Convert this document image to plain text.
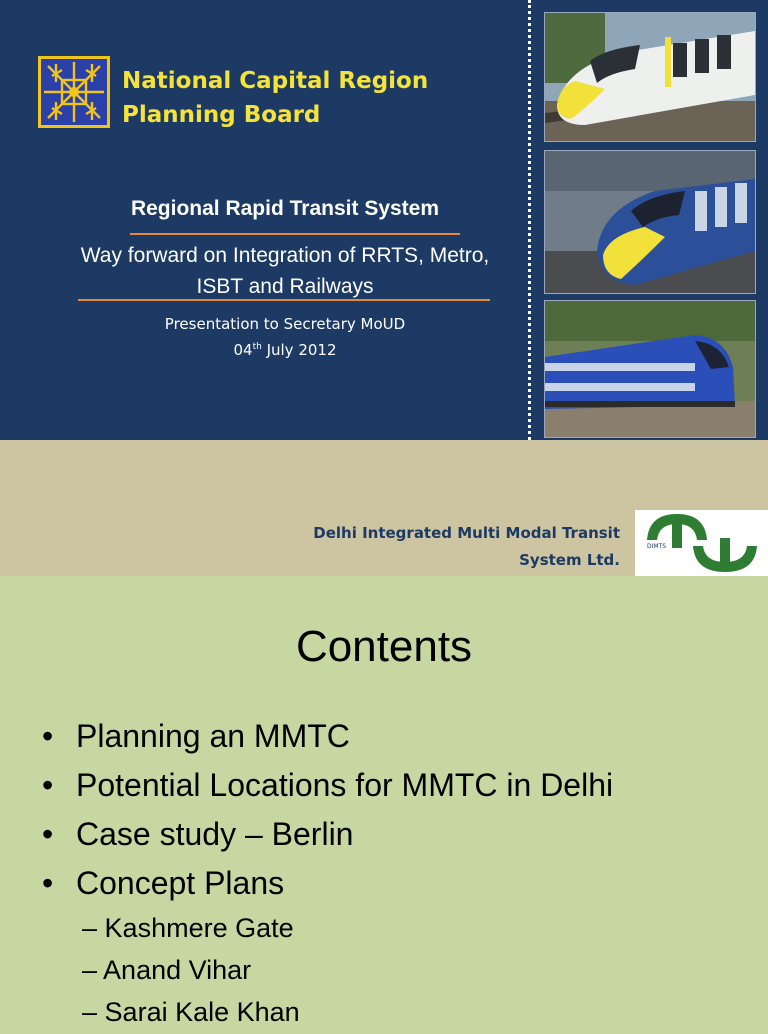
National Capital Region
Planning Board
Regional Rapid Transit System
Way forward on Integration of RRTS, Metro,
ISBT and Railways
Presentation to Secretary MoUD
04th July 2012
Delhi Integrated Multi Modal Transit
System Ltd.
DIMTS
Contents
• Planning an MMTC
• Potential Locations for MMTC in Delhi
• Case study – Berlin
• Concept Plans
– Kashmere Gate
– Anand Vihar
– Sarai Kale Khan
